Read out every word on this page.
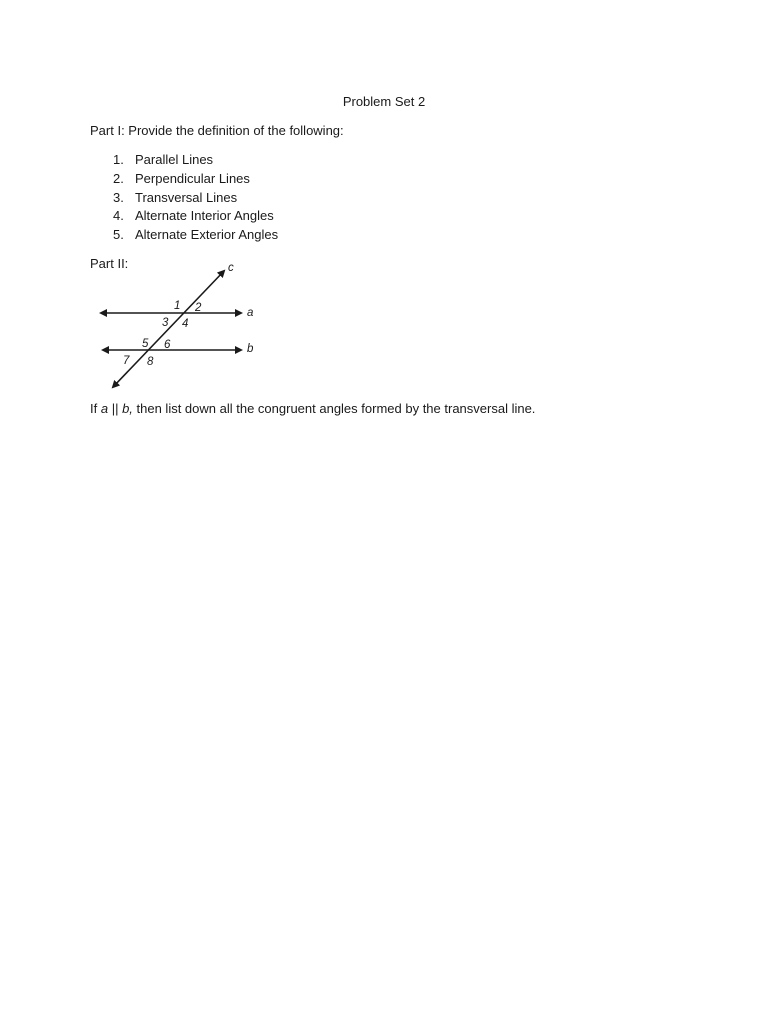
Problem Set 2
Part I: Provide the definition of the following:
1. Parallel Lines
2. Perpendicular Lines
3. Transversal Lines
4. Alternate Interior Angles
5. Alternate Exterior Angles
Part II:	c
a
b
1 2
3 4
5 6
7 8
If a || b, then list down all the congruent angles formed by the transversal line.
